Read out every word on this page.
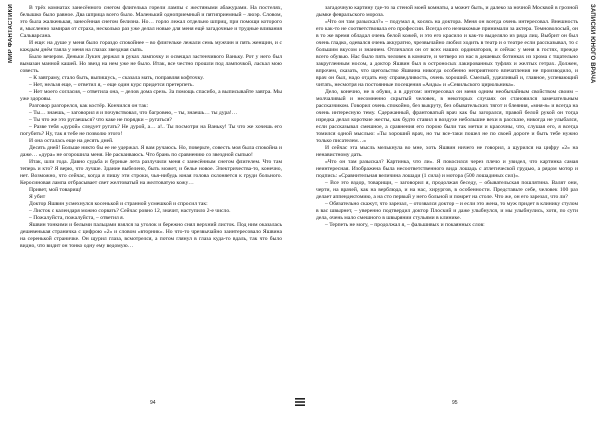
МИР ФАНТАСТИКИ	В трёх комнатах занесённого снегом флигелька горели лампы с жестяными абажурами. На постелях, белышко было равное. Два шприца всего было. Маленький одноприемный и пятиприемный – люэр. Словом, это была жалкенькая, занесённая снегом белизна. Но… горло лежал отдельно шприц, при помощи которого я, мысленно замирая от страха, несколько раз уже делал новые для меня ещё загадочные и трудные вливания Сальварсана.

И еще: на душе у меня было гораздо спокойнее – во флигельке лежали семь мужчин и пять женщин, и с каждым днём таяла у меня на глазах звездная сыпь.

Было вечером. Деньки Лукич держал в руках лампочку и освещал застенчивого Ваньку. Рот у него был вымазан манной кашей. Но звезд на нем уже не было. Итак, все честно прошли под лампочкой, ласкал мою совесть.

– К завтраму, стало быть, выпишусь, – сказала мать, поправляя кофточку.

– Нет, нельзя еще, – ответил я, – еще один курс придется претерпеть.

– Нет моего согласия, – ответила она, – делов дома срезь. За помощь спасибо, а выписывайте завтра. Мы уже здоровы.

Разговор разгорелся, как костёр. Кончился он так:

– Ты… знаешь, – заговорил я и почувствовал, что багровею, – ты, знаешь… ты дура!…

– Ты что же это ругаешься? что каке не порядки – ругаться?

– Разве тебя «дурой» следует ругать? Не дурой, а… а!.. Ты посмотри на Ваньку! Ты что же хочешь его погубить? Ну, так я тебе не позволю этого!

И она осталась еще на десять дней.

Десять дней! Больше никто бы ее не удержал. Я вам ручаюсь. Но, поверьте, совесть моя была спокойна и даже… «дура» не огорошила меня. Не раскаиваюсь. Что брань по сравнению со звездной сыпью!

Итак, шли года. Давно судьба и бурные лета разлучили меня с занесённым снегом флигелем. Что там теперь и кто? Я верю, что лучше. Здание выбелено, быть может, и белье новое. Электричества-то, конечно, нет. Возможно, что сейчас, когда я пишу эти строки, чья-нибудь юная голова склоняется к груди больного. Керосиновая лампа отбрасывает свет желтоватый на желтоватую кожу…

Привет, мой товарищ!

Я убит

Доктор Яшвин усмехнулся косенькой и странной усмешкой и спросил так:

– Листок с календаря можно сорвать? Сейчас ровно 12, значит, наступило 2-е число.

– Пожалуйста, пожалуйста, – ответил я.

Яшвин тонкими и белыми пальцами взялся за уголок и бережно снял верхний листок. Под ним оказалась дешевенькая страничка с цифрою «2» и словом «вторник». Но что-то чрезвычайно заинтересовало Яшвина на серенькой страничке. Он щурил глаза, всмотрелся, а потом глянул в глаза куда-то вдаль, так что было видно, что видит он тонко одну ему ведомую…

94

загадочную картину где-то за стеной моей комнаты, а может быть, и далеко за ночной Москвой в грозной дымке февральского мороза.

«Что он там разыскал?» – подумал я, косясь на доктора. Меня он всегда очень интересовал. Внешность его как-то не соответствовала его профессии. Всегда его незнакомые принимали за актера. Темноволосый, он в то же время обладал очень белой кожей, и это его красило и как-то выделяло из ряда лиц. Выбрит он был очень гладко, одевался очень аккуратно, чрезвычайно любил ходить в театр и о театре если рассказывал, то с большим вкусом и знанием. Отличался он от всех наших ординаторов, и сейчас у меня в гостях, прежде всего обувью. Нас было пять человек в комнате, и четверо из нас в дешевых ботинках из хрома с тщательно закругленным носом, а доктор Яшвин был в остроносых лакированных туфлях и желтых гетрах. Должен, впрочем, сказать, что щегольство Яшвина никогда особенно неприятного впечатления не производило, и врач он был, надо отдать ему справедливость, очень хороший. Смелый, удачливый и, главное, успевающий читать, несмотря на постоянные посещения «Аиды» и «Севильского цирюльника».

Дело, конечно, не в обуви, а в другом: интересовал он меня одним необычайным свойством своим – молчаливый и несомненно скрытый человек, в некоторых случаях он становился замечательным рассказчиком. Говорил очень спокойно, без выкруту, без обывательских тягот и блеяния, «мня-я» и всегда на очень интересную тему. Сдержанный, франтоватый врач как бы загорался, правой белой рукой он тогда изредка делал короткие жесты, как будто ставил в воздухе небольшие вехи в рассказе, никогда не улыбался, если рассказывал смешное, а сравнения его порою были так метки и красочны, что, слушая его, я всегда томился одной мыслью: «Ты хороший врач, но ты все-таки пошел не по своей дороге и быть тебе нужно только писателем…»

И сейчас эта мысль мелькнула во мне, хоть Яшвин ничего не говорил, а щурился на цифру «2» на ненавистному дать.

«Что он там разыскал? Картинка, что ли». Я покосился через плечо и увидел, что картинка самая неинтересная. Изображена была несоответственного вида лошадь с атлетической грудью, а рядом мотор и подпись: «Сравнительная величина лошади (1 сила) и мотора (500 лошадиных сил)».

– Все это вздор, товарищи, – заговорил я, продолжая беседу, – обывательская пошлятина. Валят они, черти, на врачей, как на верблюда, и на нас, хирургов, в особенности. Представьте себе, человек 100 раз делает аппендектомию, а на сто первый у него больной и помрет на столе. Что же, он его зарезал, что ли?

– Обязательно скажут, что зарезал, – отозвался доктор – и если это жена, то муж придет в клинику стулом в вас швырнет, – уверенно подтвердил доктор Плоский и даже улыбнулся, и мы улыбнулись, хотя, по сути дела, очень мало смешного в швырянии стульями в клинике.

– Терпеть не могу, – продолжал я, – фальшивых и покаянных слов:

ЗАПИСКИ ЮНОГО ВРАЧА
95
